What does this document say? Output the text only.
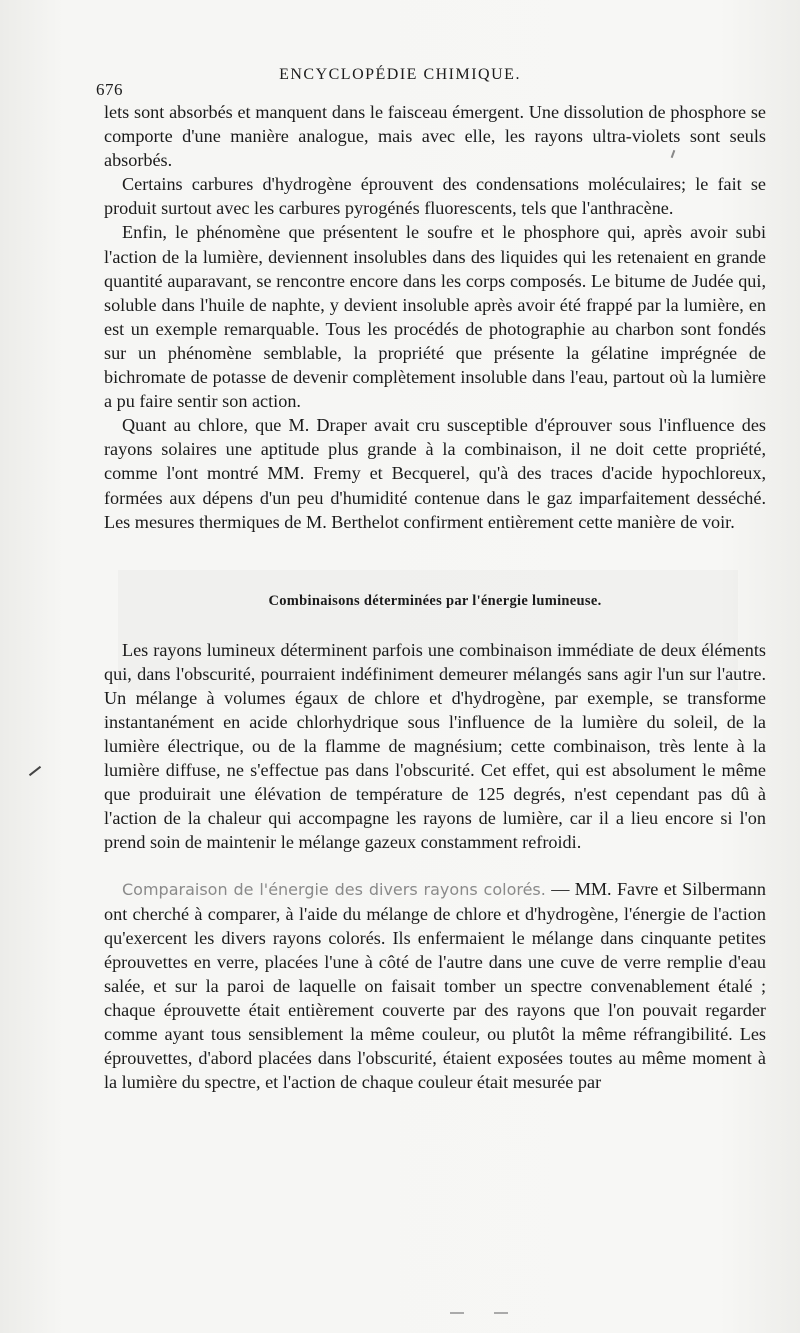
676
ENCYCLOPÉDIE CHIMIQUE.

lets sont absorbés et manquent dans le faisceau émergent. Une dissolution de phosphore se comporte d'une manière analogue, mais avec elle, les rayons ultra-violets sont seuls absorbés.

Certains carbures d'hydrogène éprouvent des condensations moléculaires; le fait se produit surtout avec les carbures pyrogénés fluorescents, tels que l'anthracène.

Enfin, le phénomène que présentent le soufre et le phosphore qui, après avoir subi l'action de la lumière, deviennent insolubles dans des liquides qui les retenaient en grande quantité auparavant, se rencontre encore dans les corps composés. Le bitume de Judée qui, soluble dans l'huile de naphte, y devient insoluble après avoir été frappé par la lumière, en est un exemple remarquable. Tous les procédés de photographie au charbon sont fondés sur un phénomène semblable, la propriété que présente la gélatine imprégnée de bichromate de potasse de devenir complètement insoluble dans l'eau, partout où la lumière a pu faire sentir son action.

Quant au chlore, que M. Draper avait cru susceptible d'éprouver sous l'influence des rayons solaires une aptitude plus grande à la combinaison, il ne doit cette propriété, comme l'ont montré MM. Fremy et Becquerel, qu'à des traces d'acide hypochloreux, formées aux dépens d'un peu d'humidité contenue dans le gaz imparfaitement desséché. Les mesures thermiques de M. Berthelot confirment entièrement cette manière de voir.

Combinaisons déterminées par l'énergie lumineuse.

Les rayons lumineux déterminent parfois une combinaison immédiate de deux éléments qui, dans l'obscurité, pourraient indéfiniment demeurer mélangés sans agir l'un sur l'autre. Un mélange à volumes égaux de chlore et d'hydrogène, par exemple, se transforme instantanément en acide chlorhydrique sous l'influence de la lumière du soleil, de la lumière électrique, ou de la flamme de magnésium; cette combinaison, très lente à la lumière diffuse, ne s'effectue pas dans l'obscurité. Cet effet, qui est absolument le même que produirait une élévation de température de 125 degrés, n'est cependant pas dû à l'action de la chaleur qui accompagne les rayons de lumière, car il a lieu encore si l'on prend soin de maintenir le mélange gazeux constamment refroidi.

Comparaison de l'énergie des divers rayons colorés. — MM. Favre et Silbermann ont cherché à comparer, à l'aide du mélange de chlore et d'hydrogène, l'énergie de l'action qu'exercent les divers rayons colorés. Ils enfermaient le mélange dans cinquante petites éprouvettes en verre, placées l'une à côté de l'autre dans une cuve de verre remplie d'eau salée, et sur la paroi de laquelle on faisait tomber un spectre convenablement étalé ; chaque éprouvette était entièrement couverte par des rayons que l'on pouvait regarder comme ayant tous sensiblement la même couleur, ou plutôt la même réfrangibilité. Les éprouvettes, d'abord placées dans l'obscurité, étaient exposées toutes au même moment à la lumière du spectre, et l'action de chaque couleur était mesurée par
